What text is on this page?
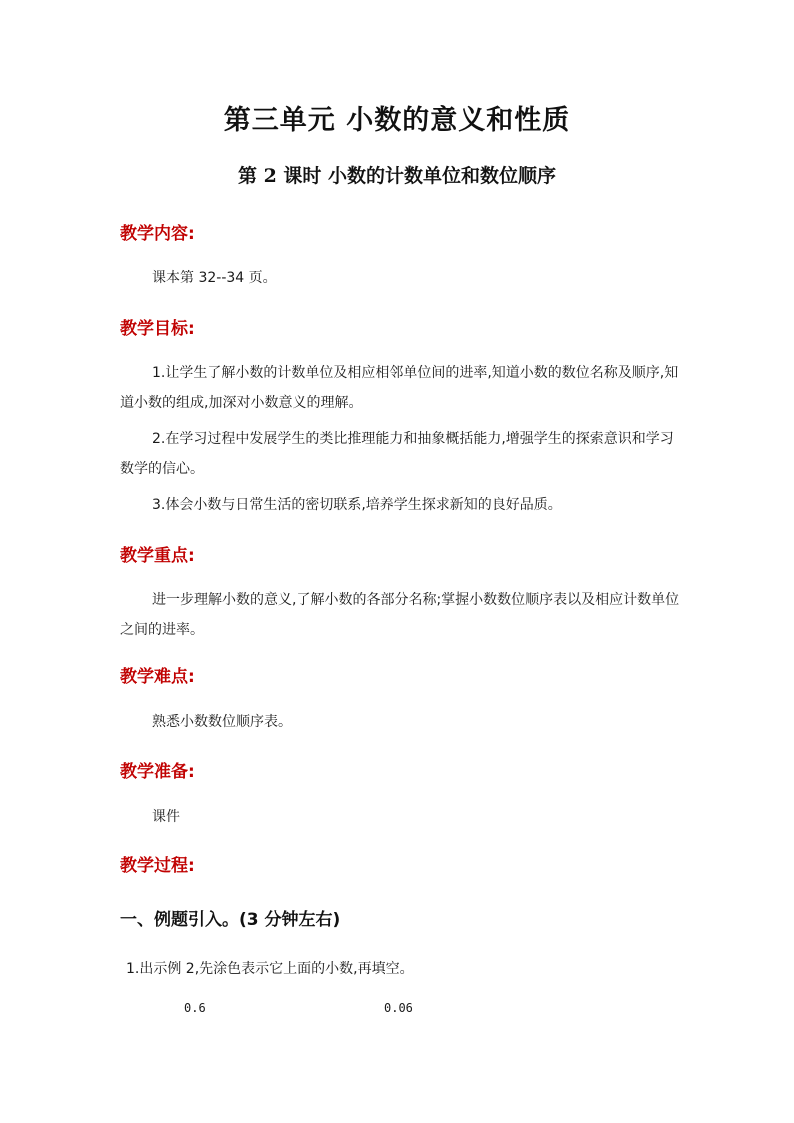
第三单元 小数的意义和性质
第 2 课时 小数的计数单位和数位顺序
教学内容:
课本第 32--34 页。
教学目标:
1.让学生了解小数的计数单位及相应相邻单位间的进率,知道小数的数位名称及顺序,知道小数的组成,加深对小数意义的理解。
2.在学习过程中发展学生的类比推理能力和抽象概括能力,增强学生的探索意识和学习数学的信心。
3.体会小数与日常生活的密切联系,培养学生探求新知的良好品质。
教学重点:
进一步理解小数的意义,了解小数的各部分名称;掌握小数数位顺序表以及相应计数单位之间的进率。
教学难点:
熟悉小数数位顺序表。
教学准备:
课件
教学过程:
一、例题引入。(3 分钟左右)
1.出示例 2,先涂色表示它上面的小数,再填空。
0.6	0.06
